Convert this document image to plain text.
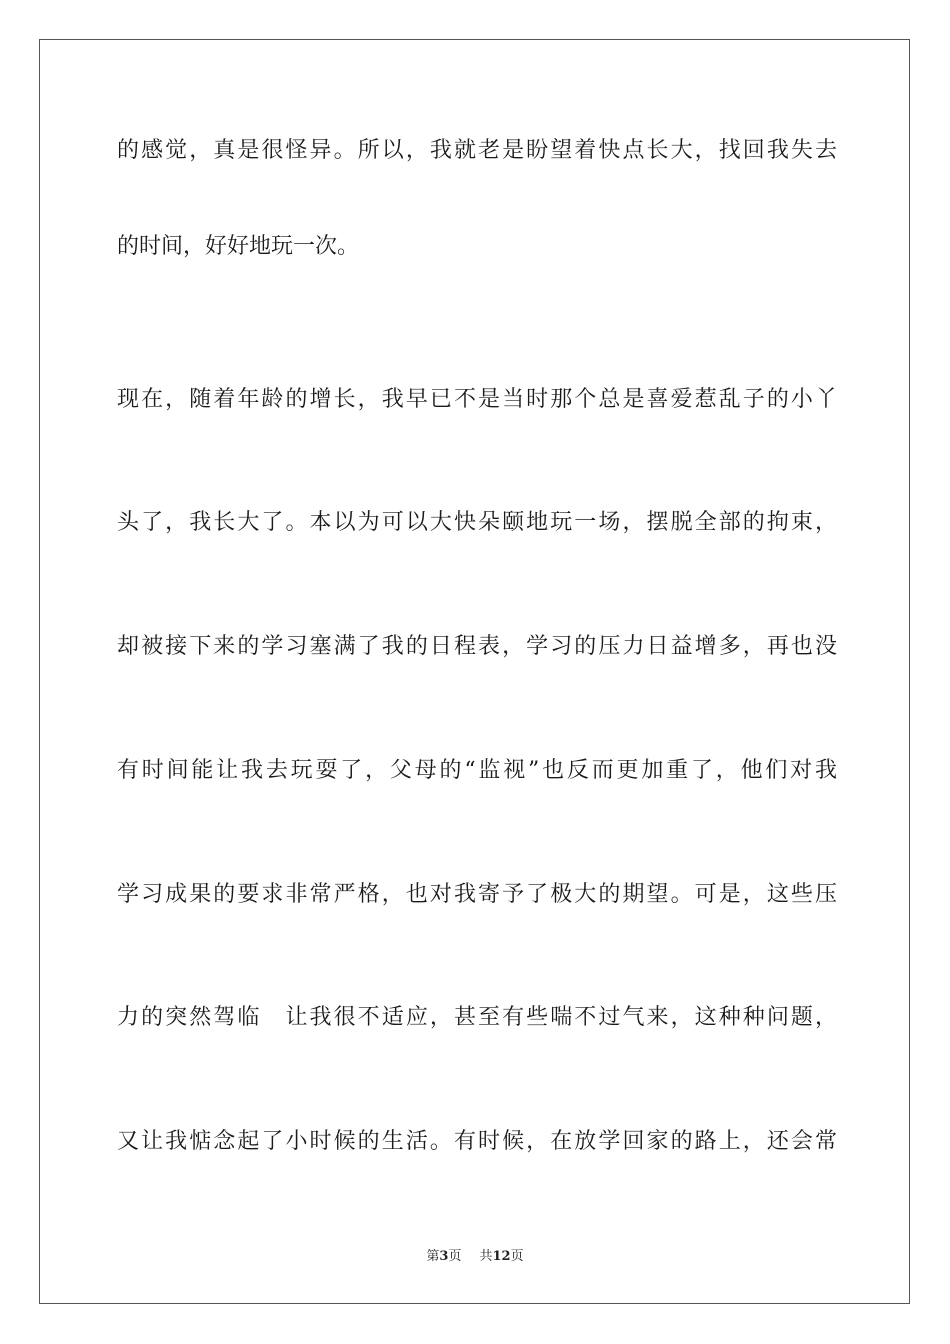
的感觉，真是很怪异。所以，我就老是盼望着快点长大，找回我失去
的时间，好好地玩一次。
现在，随着年龄的增长，我早已不是当时那个总是喜爱惹乱子的小丫
头了，我长大了。本以为可以大快朵颐地玩一场，摆脱全部的拘束，
却被接下来的学习塞满了我的日程表，学习的压力日益增多，再也没
有时间能让我去玩耍了，父母的“监视”也反而更加重了，他们对我
学习成果的要求非常严格，也对我寄予了极大的期望。可是，这些压
力的突然驾临　让我很不适应，甚至有些喘不过气来，这种种问题，
又让我惦念起了小时候的生活。有时候，在放学回家的路上，还会常
第3页 共12页
